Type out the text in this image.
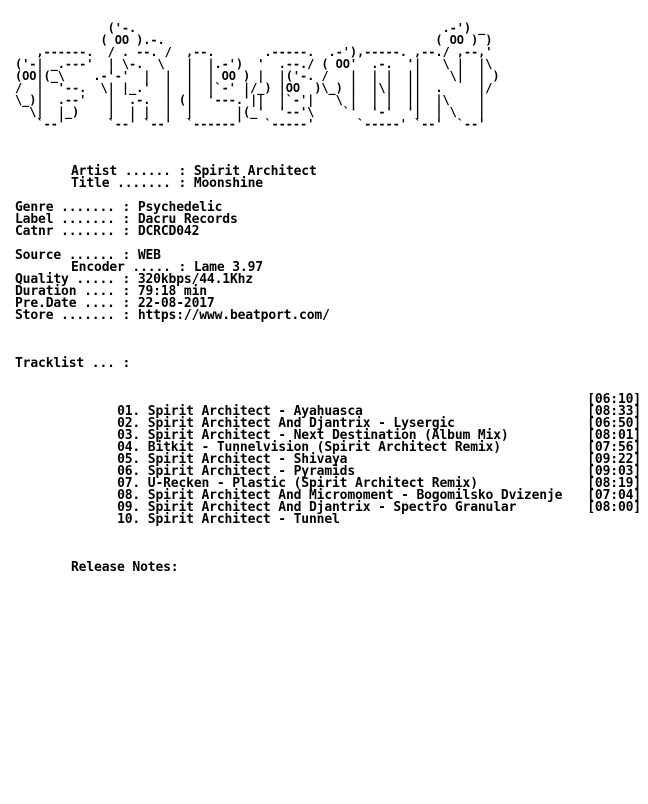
('-.                                           .-') _
( OO ).-.                                      ( OO ) )
,------.  / . --. /  ,--.       .-----.  .-'),-----. ,--./ ,--,'
('-| _.---'  | \-.  \   |  |.-')  '  .--./ ( OO'  .-.  '|   \ |  |\
(OO|(_\    .-'-'  |  |  |  | OO ) |  |('-. /   |  | |  ||    \|  | )
/  |  '--.  \| |_.'  |  |  |`-' |/_) |OO  )\_) |  |\|  ||  .     |/
\_)|  .--'   |  .-.  | (|  '---.'||  |`-'|   \ |  | |  ||  |\    |
\|  |_)    |  | |  |  |      |(_'  '--'\    `'  '-'  '|  | \   |
`--'      `--' `--'  `------'   `-----'      `-----' `--'  `--'
Artist ...... : Spirit Architect
Title ....... : Moonshine
Genre ....... : Psychedelic
Label ....... : Dacru Records
Catnr ....... : DCRCD042
Source ...... : WEB
Encoder ..... : Lame 3.97
Quality ..... : 320kbps/44.1Khz
Duration .... : 79:18 min
Pre.Date .... : 22-08-2017
Store ....... : https://www.beatport.com/
Tracklist ... :

01. Spirit Architect - Ayahuasca

[06:10]

02. Spirit Architect And Djantrix - Lysergic

[08:33]

03. Spirit Architect - Next Destination (Album Mix)

[06:50]

04. Bitkit - Tunnelvision (Spirit Architect Remix)

[08:01]

05. Spirit Architect - Shivaya

[07:56]

06. Spirit Architect - Pyramids

[09:22]

07. U-Recken - Plastic (Spirit Architect Remix)

[09:03]

08. Spirit Architect And Micromoment - Bogomilsko Dvizenje

[08:19]

09. Spirit Architect And Djantrix - Spectro Granular

[07:04]

10. Spirit Architect - Tunnel

[08:00]

Release Notes:
